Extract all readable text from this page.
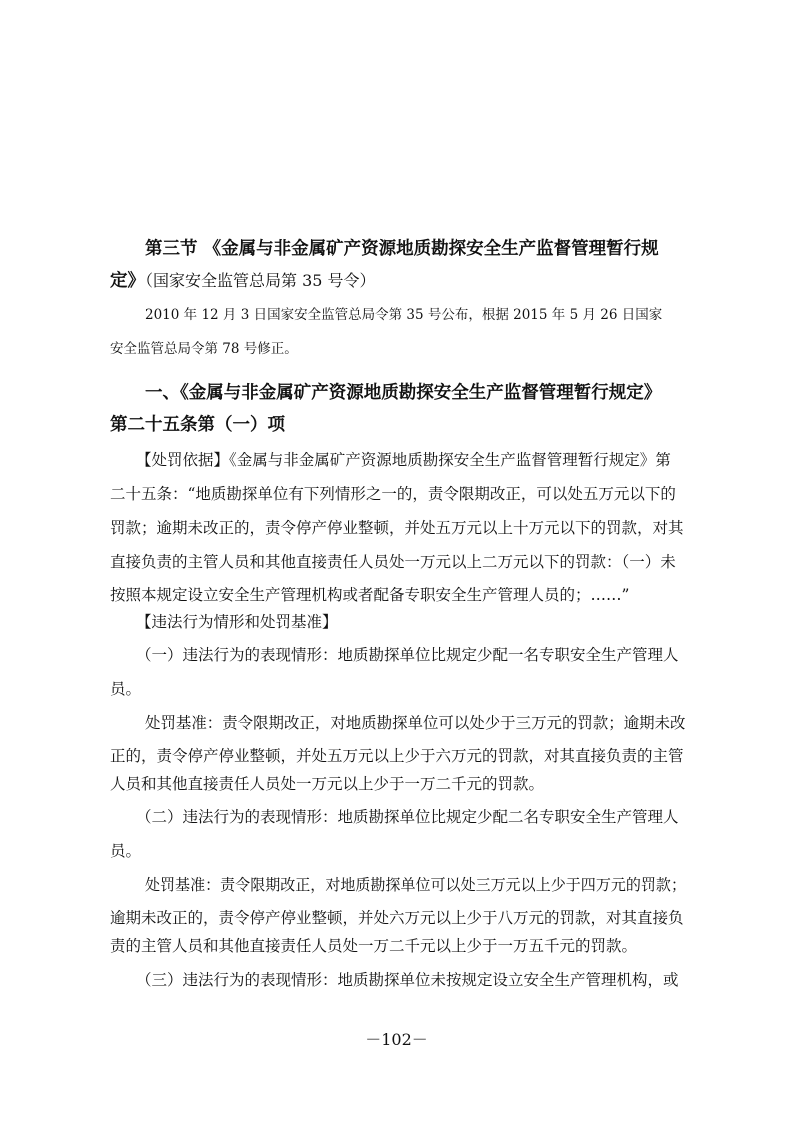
第三节 《金属与非金属矿产资源地质勘探安全生产监督管理暂行规
定》（国家安全监管总局第 35 号令）
2010 年 12 月 3 日国家安全监管总局令第 35 号公布，根据 2015 年 5 月 26 日国家
安全监管总局令第 78 号修正。
一、《金属与非金属矿产资源地质勘探安全生产监督管理暂行规定》
第二十五条第（一）项
【处罚依据】《金属与非金属矿产资源地质勘探安全生产监督管理暂行规定》第
二十五条：“地质勘探单位有下列情形之一的，责令限期改正，可以处五万元以下的
罚款；逾期未改正的，责令停产停业整顿，并处五万元以上十万元以下的罚款，对其
直接负责的主管人员和其他直接责任人员处一万元以上二万元以下的罚款：（一）未
按照本规定设立安全生产管理机构或者配备专职安全生产管理人员的；……”
【违法行为情形和处罚基准】
（一）违法行为的表现情形：地质勘探单位比规定少配一名专职安全生产管理人
员。
处罚基准：责令限期改正，对地质勘探单位可以处少于三万元的罚款；逾期未改
正的，责令停产停业整顿，并处五万元以上少于六万元的罚款，对其直接负责的主管
人员和其他直接责任人员处一万元以上少于一万二千元的罚款。
（二）违法行为的表现情形：地质勘探单位比规定少配二名专职安全生产管理人
员。
处罚基准：责令限期改正，对地质勘探单位可以处三万元以上少于四万元的罚款；
逾期未改正的，责令停产停业整顿，并处六万元以上少于八万元的罚款，对其直接负
责的主管人员和其他直接责任人员处一万二千元以上少于一万五千元的罚款。
（三）违法行为的表现情形：地质勘探单位未按规定设立安全生产管理机构，或
－102－
